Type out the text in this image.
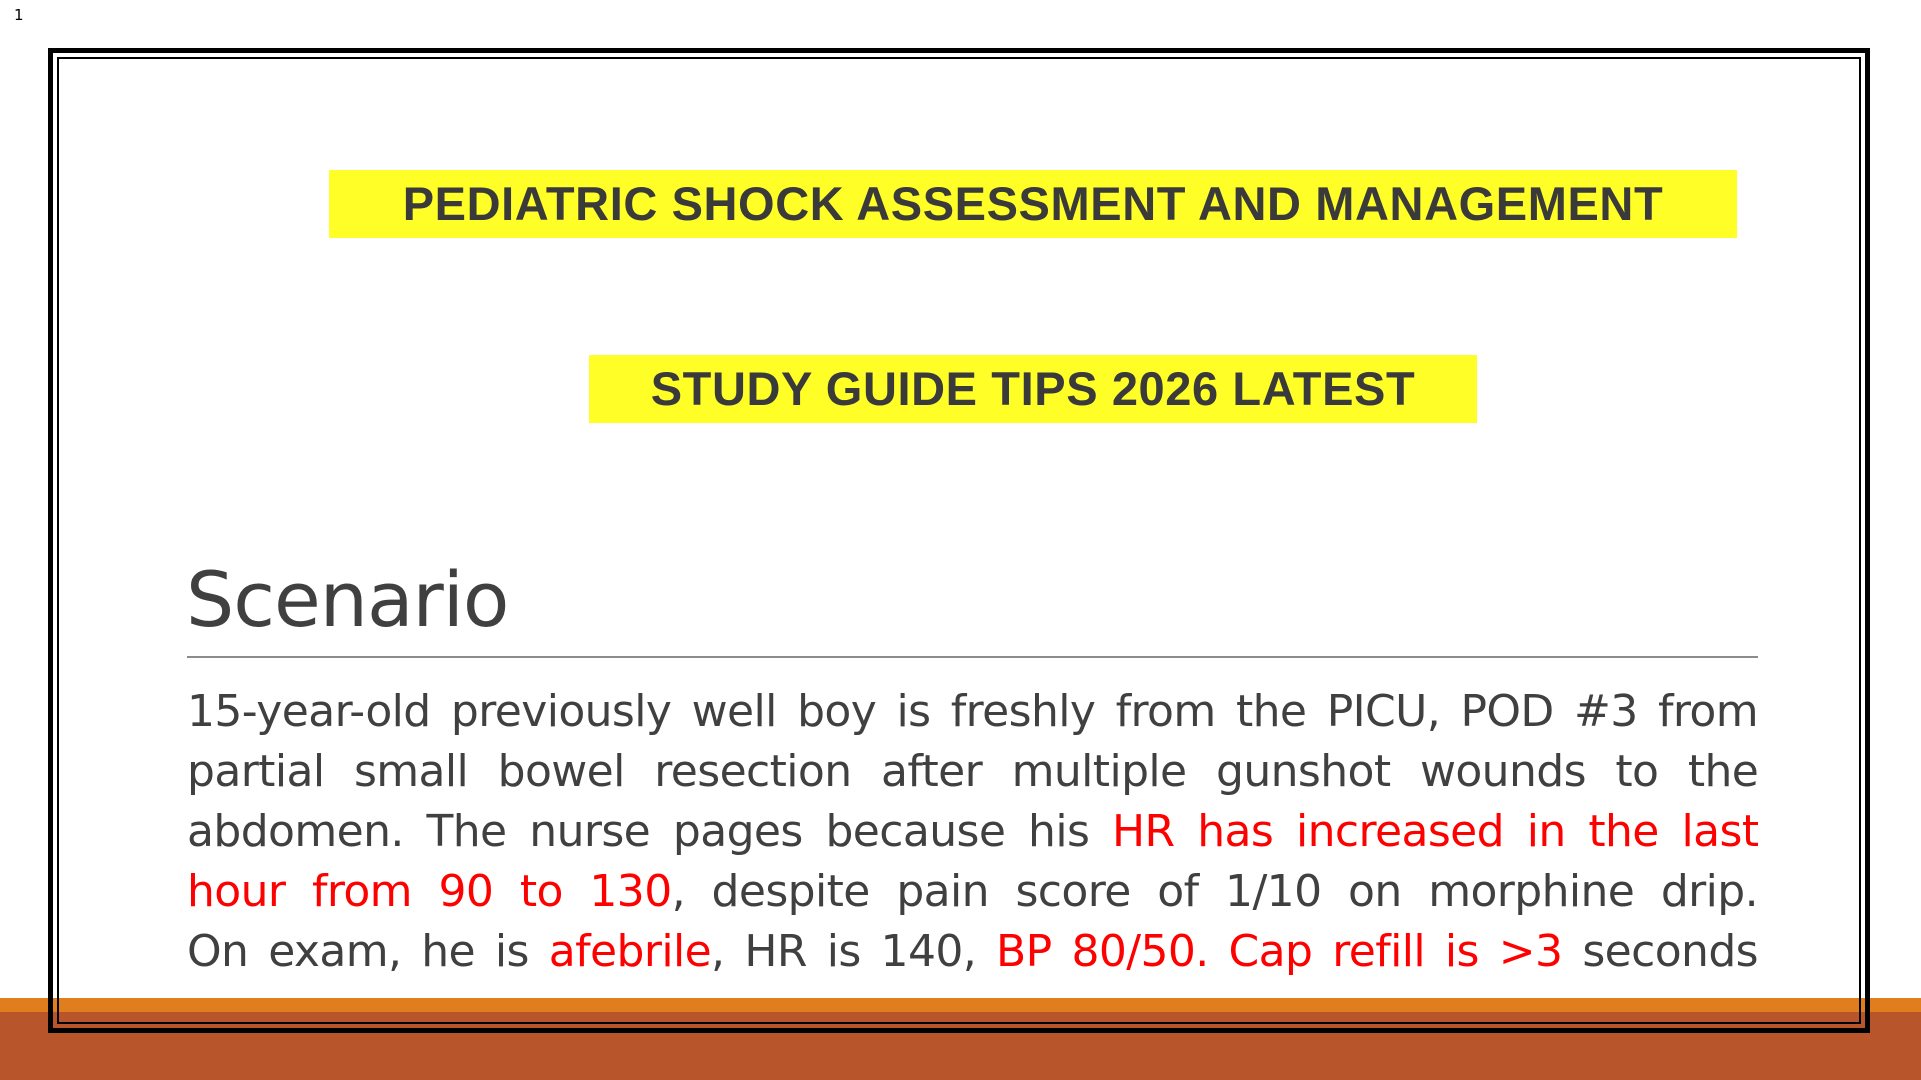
1
PEDIATRIC SHOCK ASSESSMENT AND MANAGEMENT
STUDY GUIDE TIPS 2026 LATEST
Scenario
15-year-old previously well boy is freshly from the PICU, POD #3 from
partial small bowel resection after multiple gunshot wounds to the
abdomen. The nurse pages because his HR has increased in the last
hour from 90 to 130, despite pain score of 1/10 on morphine drip.
On exam, he is afebrile, HR is 140, BP 80/50. Cap refill is >3 seconds
